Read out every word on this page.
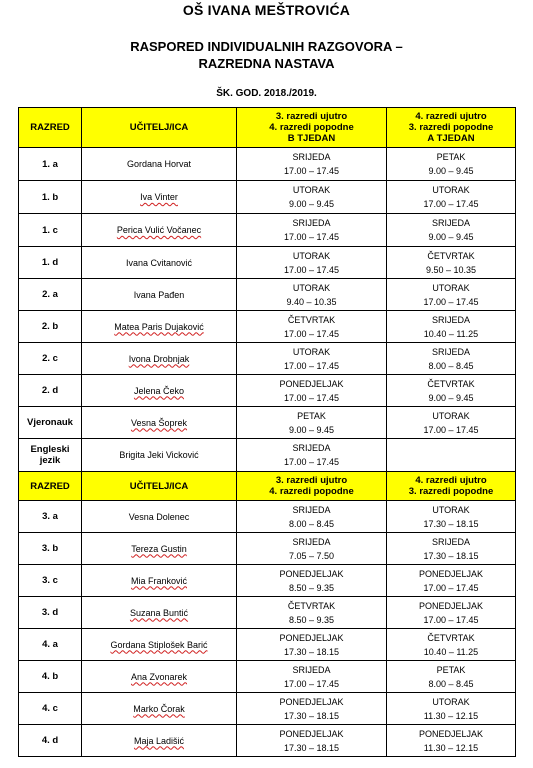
OŠ IVANA MEŠTROVIĆA
RASPORED INDIVIDUALNIH RAZGOVORA –
RAZREDNA NASTAVA
ŠK. GOD. 2018./2019.
RAZRED	UČITELJ/ICA	3. razredi ujutro
4. razredi popodne
B TJEDAN	4. razredi ujutro
3. razredi popodne
A TJEDAN

1. a	Gordana Horvat	SRIJEDA
17.00 – 17.45	PETAK
9.00 – 9.45

1. b	Iva Vinter	UTORAK
9.00 – 9.45	UTORAK
17.00 – 17.45

1. c	Perica Vulić Vočanec	SRIJEDA
17.00 – 17.45	SRIJEDA
9.00 – 9.45

1. d	Ivana Cvitanović	UTORAK
17.00 – 17.45	ČETVRTAK
9.50 – 10.35

2. a	Ivana Pađen	UTORAK
9.40 – 10.35	UTORAK
17.00 – 17.45

2. b	Matea Paris Dujaković	ČETVRTAK
17.00 – 17.45	SRIJEDA
10.40 – 11.25

2. c	Ivona Drobnjak	UTORAK
17.00 – 17.45	SRIJEDA
8.00 – 8.45

2. d	Jelena Čeko	PONEDJELJAK
17.00 – 17.45	ČETVRTAK
9.00 – 9.45

Vjeronauk	Vesna Šoprek	PETAK
9.00 – 9.45	UTORAK
17.00 – 17.45

Engleski
jezik	Brigita Jeki Vicković	SRIJEDA
17.00 – 17.45	

RAZRED	UČITELJ/ICA	3. razredi ujutro
4. razredi popodne	4. razredi ujutro
3. razredi popodne

3. a	Vesna Dolenec	SRIJEDA
8.00 – 8.45	UTORAK
17.30 – 18.15

3. b	Tereza Gustin	SRIJEDA
7.05 – 7.50	SRIJEDA
17.30 – 18.15

3. c	Mia Franković	PONEDJELJAK
8.50 – 9.35	PONEDJELJAK
17.00 – 17.45

3. d	Suzana Buntić	ČETVRTAK
8.50 – 9.35	PONEDJELJAK
17.00 – 17.45

4. a	Gordana Stiplošek Barić	PONEDJELJAK
17.30 – 18.15	ČETVRTAK
10.40 – 11.25

4. b	Ana Zvonarek	SRIJEDA
17.00 – 17.45	PETAK
8.00 – 8.45

4. c	Marko Čorak	PONEDJELJAK
17.30 – 18.15	UTORAK
11.30 – 12.15

4. d	Maja Ladišić	PONEDJELJAK
17.30 – 18.15	PONEDJELJAK
11.30 – 12.15
